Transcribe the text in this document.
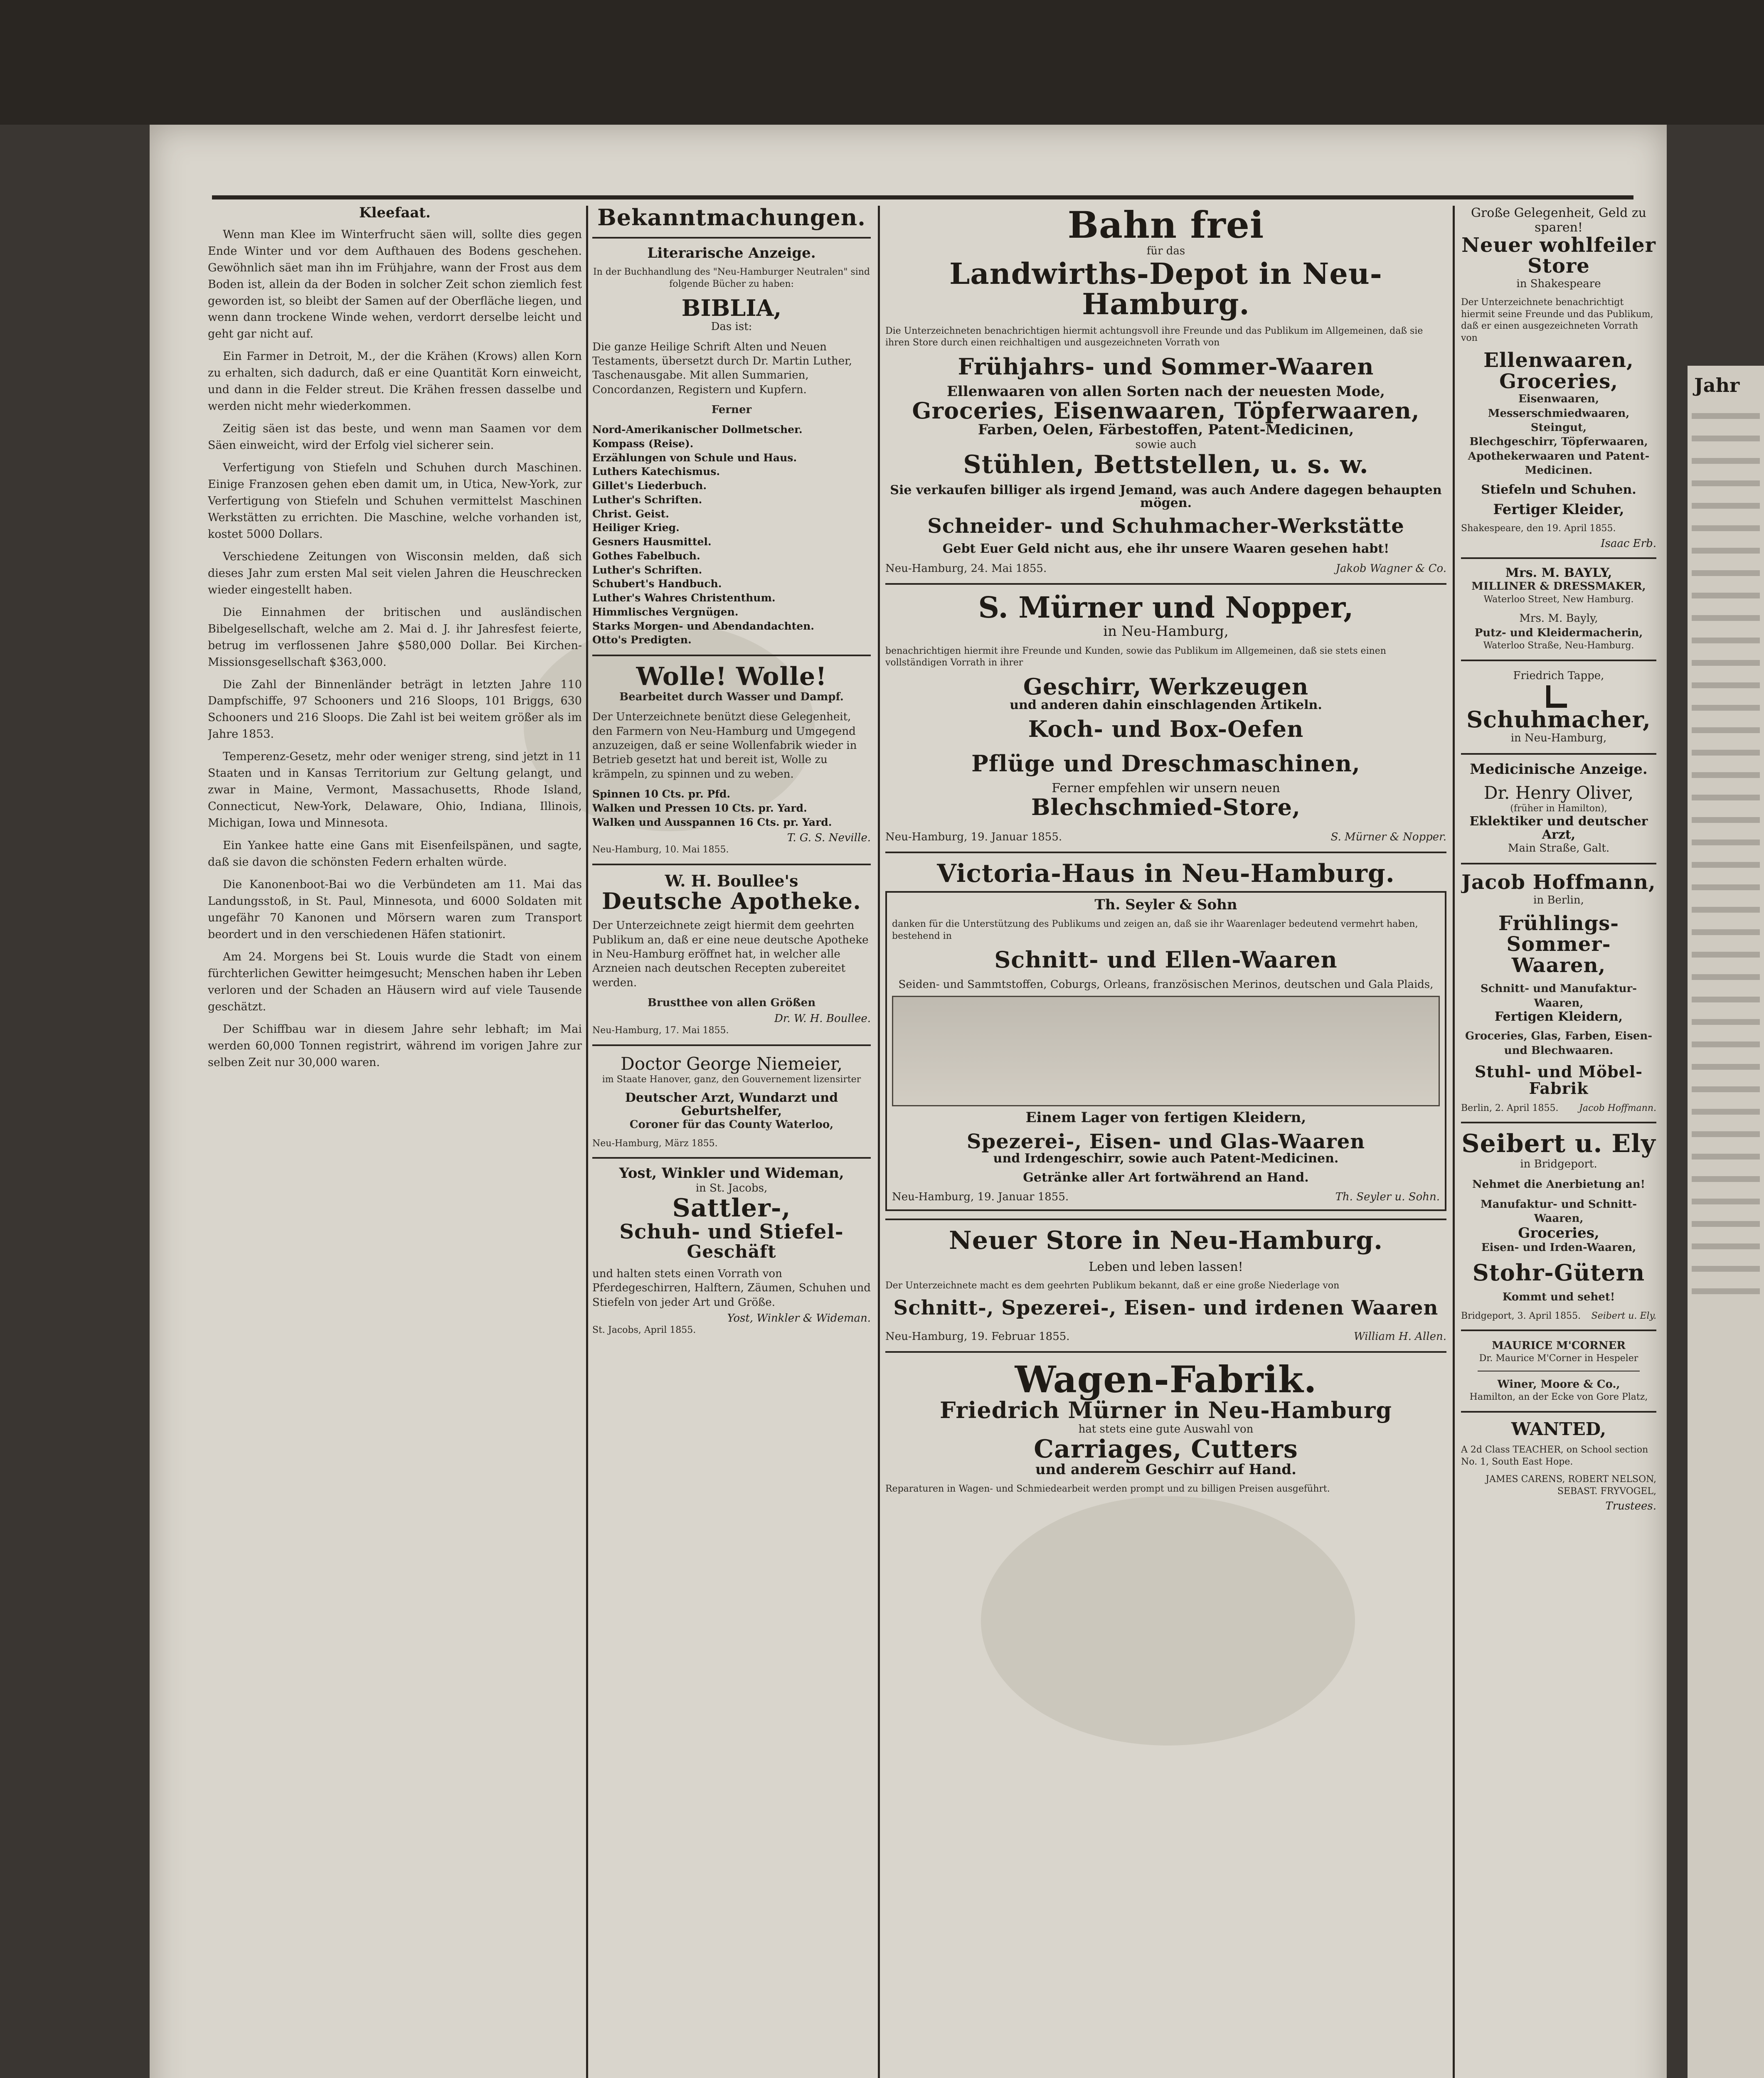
Kleefaat.

Wenn man Klee im Winterfrucht säen will, sollte dies gegen Ende Winter und vor dem Aufthauen des Bodens geschehen. Gewöhnlich säet man ihn im Frühjahre, wann der Frost aus dem Boden ist, allein da der Boden in solcher Zeit schon ziemlich fest geworden ist, so bleibt der Samen auf der Oberfläche liegen, und wenn dann trockene Winde wehen, verdorrt derselbe leicht und geht gar nicht auf.

Ein Farmer in Detroit, M., der die Krähen (Krows) allen Korn zu erhalten, sich dadurch, daß er eine Quantität Korn einweicht, und dann in die Felder streut. Die Krähen fressen dasselbe und werden nicht mehr wiederkommen.

Zeitig säen ist das beste, und wenn man Saamen vor dem Säen einweicht, wird der Erfolg viel sicherer sein.

Verfertigung von Stiefeln und Schuhen durch Maschinen. Einige Franzosen gehen eben damit um, in Utica, New-York, zur Verfertigung von Stiefeln und Schuhen vermittelst Maschinen Werkstätten zu errichten. Die Maschine, welche vorhanden ist, kostet 5000 Dollars.

Verschiedene Zeitungen von Wisconsin melden, daß sich dieses Jahr zum ersten Mal seit vielen Jahren die Heuschrecken wieder eingestellt haben.

Die Einnahmen der britischen und ausländischen Bibelgesellschaft, welche am 2. Mai d. J. ihr Jahresfest feierte, betrug im verflossenen Jahre $580,000 Dollar. Bei Kirchen-Missionsgesellschaft $363,000.

Die Zahl der Binnenländer beträgt in letzten Jahre 110 Dampfschiffe, 97 Schooners und 216 Sloops, 101 Briggs, 630 Schooners und 216 Sloops. Die Zahl ist bei weitem größer als im Jahre 1853.

Temperenz-Gesetz, mehr oder weniger streng, sind jetzt in 11 Staaten und in Kansas Territorium zur Geltung gelangt, und zwar in Maine, Vermont, Massachusetts, Rhode Island, Connecticut, New-York, Delaware, Ohio, Indiana, Illinois, Michigan, Iowa und Minnesota.

Ein Yankee hatte eine Gans mit Eisenfeilspänen, und sagte, daß sie davon die schönsten Federn erhalten würde.

Die Kanonenboot-Bai wo die Verbündeten am 11. Mai das Landungsstoß, in St. Paul, Minnesota, und 6000 Soldaten mit ungefähr 70 Kanonen und Mörsern waren zum Transport beordert und in den verschiedenen Häfen stationirt.

Am 24. Morgens bei St. Louis wurde die Stadt von einem fürchterlichen Gewitter heimgesucht; Menschen haben ihr Leben verloren und der Schaden an Häusern wird auf viele Tausende geschätzt.

Der Schiffbau war in diesem Jahre sehr lebhaft; im Mai werden 60,000 Tonnen registrirt, während im vorigen Jahre zur selben Zeit nur 30,000 waren.

Bekanntmachungen.
Literarische Anzeige.
In der Buchhandlung des "Neu-Hamburger Neutralen" sind folgende Bücher zu haben:
BIBLIA,
Das ist:
Die ganze Heilige Schrift Alten und Neuen Testaments, übersetzt durch Dr. Martin Luther, Taschenausgabe. Mit allen Summarien, Concordanzen, Registern und Kupfern.
Ferner
Nord-Amerikanischer Dollmetscher.
Kompass (Reise).
Erzählungen von Schule und Haus.
Luthers Katechismus.
Gillet's Liederbuch.
Luther's Schriften.
Christ. Geist.
Heiliger Krieg.
Gesners Hausmittel.
Gothes Fabelbuch.
Luther's Schriften.
Schubert's Handbuch.
Luther's Wahres Christenthum.
Himmlisches Vergnügen.
Starks Morgen- und Abendandachten.
Otto's Predigten.
Wolle! Wolle!
Bearbeitet durch Wasser und Dampf.
Der Unterzeichnete benützt diese Gelegenheit, den Farmern von Neu-Hamburg und Umgegend anzuzeigen, daß er seine Wollenfabrik wieder in Betrieb gesetzt hat und bereit ist, Wolle zu krämpeln, zu spinnen und zu weben.
Spinnen 10 Cts. pr. Pfd.
Walken und Pressen 10 Cts. pr. Yard.
Walken und Ausspannen 16 Cts. pr. Yard.
T. G. S. Neville.
Neu-Hamburg, 10. Mai 1855.
W. H. Boullee's
Deutsche Apotheke.
Der Unterzeichnete zeigt hiermit dem geehrten Publikum an, daß er eine neue deutsche Apotheke in Neu-Hamburg eröffnet hat, in welcher alle Arzneien nach deutschen Recepten zubereitet werden.
Brustthee von allen Größen
Dr. W. H. Boullee.
Neu-Hamburg, 17. Mai 1855.
Doctor George Niemeier,
im Staate Hanover, ganz, den Gouvernement lizensirter
Deutscher Arzt, Wundarzt und Geburtshelfer,
Coroner für das County Waterloo,
Neu-Hamburg, März 1855.
Yost, Winkler und Wideman,
in St. Jacobs,
Sattler-,
Schuh- und Stiefel-
Geschäft
und halten stets einen Vorrath von Pferdegeschirren, Halftern, Zäumen, Schuhen und Stiefeln von jeder Art und Größe.
Yost, Winkler & Wideman.
St. Jacobs, April 1855.
Bahn frei
für das
Landwirths-Depot in Neu-Hamburg.
Die Unterzeichneten benachrichtigen hiermit achtungsvoll ihre Freunde und das Publikum im Allgemeinen, daß sie ihren Store durch einen reichhaltigen und ausgezeichneten Vorrath von
Frühjahrs- und Sommer-Waaren
Ellenwaaren von allen Sorten nach der neuesten Mode,
Groceries, Eisenwaaren, Töpferwaaren,
Farben, Oelen, Färbestoffen, Patent-Medicinen,
sowie auch
Stühlen, Bettstellen, u. s. w.
Sie verkaufen billiger als irgend Jemand, was auch Andere dagegen behaupten mögen.
Schneider- und Schuhmacher-Werkstätte
Gebt Euer Geld nicht aus, ehe ihr unsere Waaren gesehen habt!
Neu-Hamburg, 24. Mai 1855.	Jakob Wagner & Co.
S. Mürner und Nopper,
in Neu-Hamburg,
benachrichtigen hiermit ihre Freunde und Kunden, sowie das Publikum im Allgemeinen, daß sie stets einen vollständigen Vorrath in ihrer
Geschirr, Werkzeugen
und anderen dahin einschlagenden Artikeln.
Koch- und Box-Oefen
Pflüge und Dreschmaschinen,
Ferner empfehlen wir unsern neuen
Blechschmied-Store,
Neu-Hamburg, 19. Januar 1855.	S. Mürner & Nopper.
Victoria-Haus in Neu-Hamburg.
Th. Seyler & Sohn
danken für die Unterstützung des Publikums und zeigen an, daß sie ihr Waarenlager bedeutend vermehrt haben, bestehend in
Schnitt- und Ellen-Waaren
Seiden- und Sammtstoffen, Coburgs, Orleans, französischen Merinos, deutschen und Gala Plaids,
Einem Lager von fertigen Kleidern,
Spezerei-, Eisen- und Glas-Waaren
und Irdengeschirr, sowie auch Patent-Medicinen.
Getränke aller Art fortwährend an Hand.
Neu-Hamburg, 19. Januar 1855.	Th. Seyler u. Sohn.
Neuer Store in Neu-Hamburg.
Leben und leben lassen!
Der Unterzeichnete macht es dem geehrten Publikum bekannt, daß er eine große Niederlage von
Schnitt-, Spezerei-, Eisen- und irdenen Waaren
Neu-Hamburg, 19. Februar 1855.	William H. Allen.
Wagen-Fabrik.
Friedrich Mürner in Neu-Hamburg
hat stets eine gute Auswahl von
Carriages, Cutters
und anderem Geschirr auf Hand.
Reparaturen in Wagen- und Schmiedearbeit werden prompt und zu billigen Preisen ausgeführt.
Große Gelegenheit, Geld zu sparen!
Neuer wohlfeiler Store
in Shakespeare
Der Unterzeichnete benachrichtigt hiermit seine Freunde und das Publikum, daß er einen ausgezeichneten Vorrath von
Ellenwaaren, Groceries,
Eisenwaaren, Messerschmiedwaaren, Steingut,
Blechgeschirr, Töpferwaaren,
Apothekerwaaren und Patent-Medicinen.
Stiefeln und Schuhen.
Fertiger Kleider,
Shakespeare, den 19. April 1855.
Isaac Erb.
Mrs. M. BAYLY,
MILLINER & DRESSMAKER,
Waterloo Street, New Hamburg.
Mrs. M. Bayly,
Putz- und Kleidermacherin,
Waterloo Straße, Neu-Hamburg.
Friedrich Tappe,
Schuhmacher,
in Neu-Hamburg,
Medicinische Anzeige.
Dr. Henry Oliver,
(früher in Hamilton),
Eklektiker und deutscher Arzt,
Main Straße, Galt.
Jacob Hoffmann,
in Berlin,
Frühlings-
Sommer-Waaren,
Schnitt- und Manufaktur-Waaren,
Fertigen Kleidern,
Groceries, Glas, Farben, Eisen- und Blechwaaren.
Stuhl- und Möbel-Fabrik
Berlin, 2. April 1855. Jacob Hoffmann.
Seibert u. Ely
in Bridgeport.
Nehmet die Anerbietung an!
Manufaktur- und Schnitt-Waaren,
Groceries,
Eisen- und Irden-Waaren,
Stohr-Gütern
Kommt und sehet!
Bridgeport, 3. April 1855. Seibert u. Ely.
MAURICE M'CORNER
Dr. Maurice M'Corner in Hespeler
Winer, Moore & Co.,
Hamilton, an der Ecke von Gore Platz,
WANTED,
A 2d Class TEACHER, on School section No. 1, South East Hope.
JAMES CARENS, ROBERT NELSON, SEBAST. FRYVOGEL,
Trustees.
Jahr
